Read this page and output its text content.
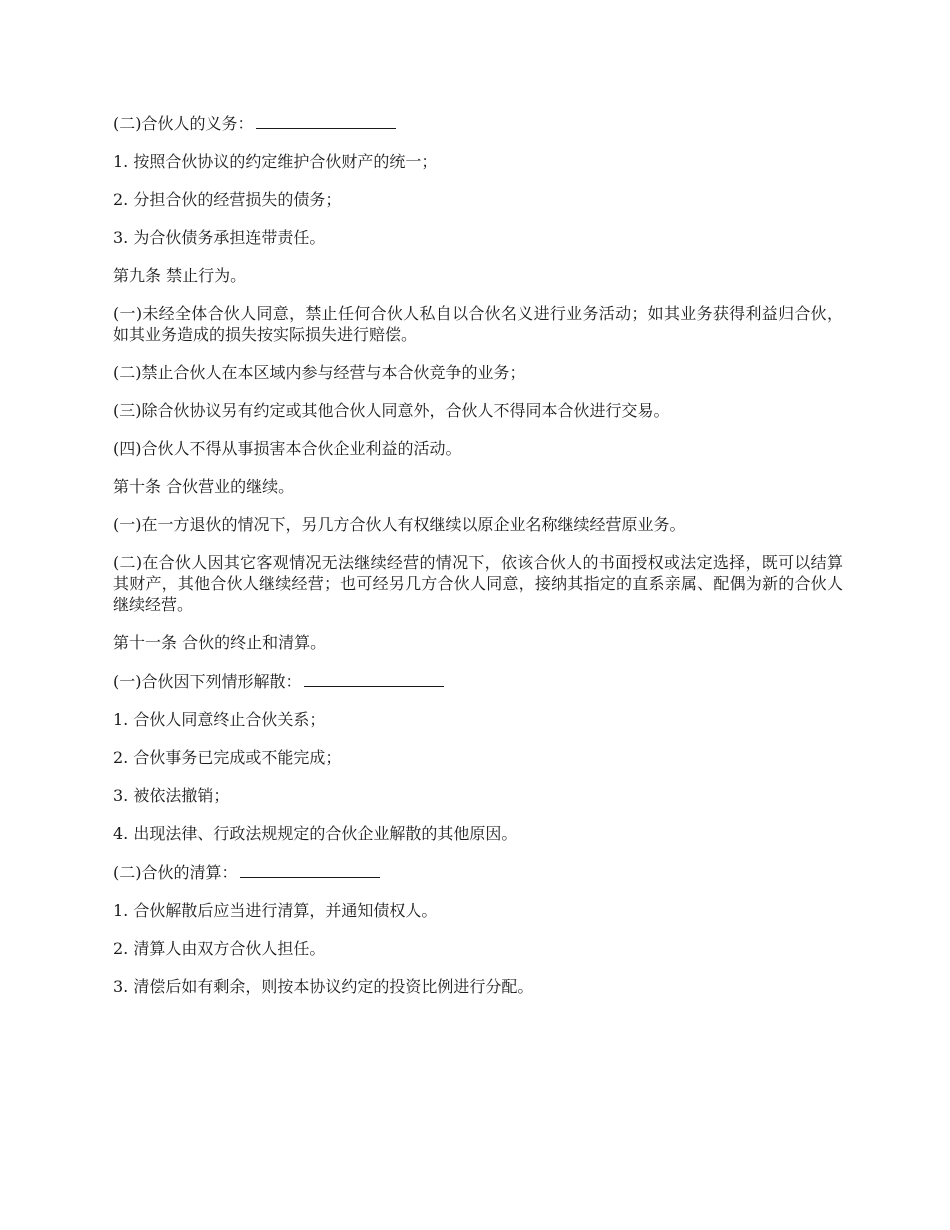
(二)合伙人的义务：

1. 按照合伙协议的约定维护合伙财产的统一；

2. 分担合伙的经营损失的债务；

3. 为合伙债务承担连带责任。

第九条 禁止行为。

(一)未经全体合伙人同意，禁止任何合伙人私自以合伙名义进行业务活动；如其业务获得利益归合伙，如其业务造成的损失按实际损失进行赔偿。

(二)禁止合伙人在本区域内参与经营与本合伙竞争的业务；

(三)除合伙协议另有约定或其他合伙人同意外，合伙人不得同本合伙进行交易。

(四)合伙人不得从事损害本合伙企业利益的活动。

第十条 合伙营业的继续。

(一)在一方退伙的情况下，另几方合伙人有权继续以原企业名称继续经营原业务。

(二)在合伙人因其它客观情况无法继续经营的情况下，依该合伙人的书面授权或法定选择，既可以结算其财产，其他合伙人继续经营；也可经另几方合伙人同意，接纳其指定的直系亲属、配偶为新的合伙人继续经营。

第十一条 合伙的终止和清算。

(一)合伙因下列情形解散：

1. 合伙人同意终止合伙关系；

2. 合伙事务已完成或不能完成；

3. 被依法撤销；

4. 出现法律、行政法规规定的合伙企业解散的其他原因。

(二)合伙的清算：

1. 合伙解散后应当进行清算，并通知债权人。

2. 清算人由双方合伙人担任。

3. 清偿后如有剩余，则按本协议约定的投资比例进行分配。
